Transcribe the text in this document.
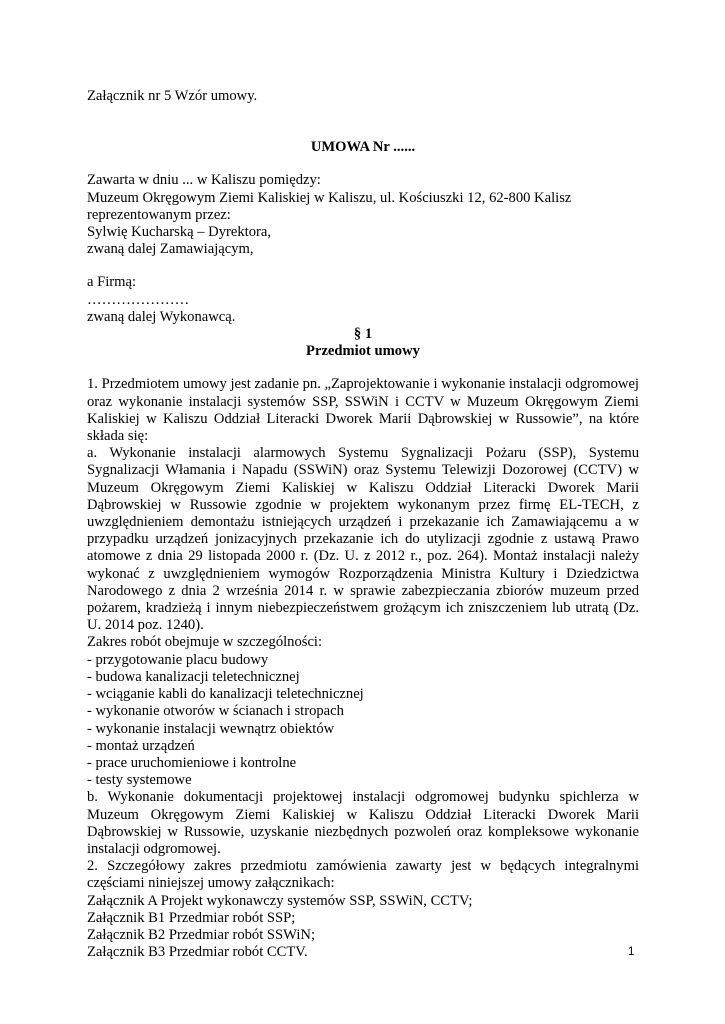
Załącznik nr 5 Wzór umowy.
UMOWA Nr ......
Zawarta w dniu ... w Kaliszu pomiędzy:
Muzeum Okręgowym Ziemi Kaliskiej w Kaliszu, ul. Kościuszki 12, 62-800 Kalisz
reprezentowanym przez:
Sylwię Kucharską – Dyrektora,
zwaną dalej Zamawiającym,
a Firmą:
…………………
zwaną dalej Wykonawcą.
§ 1
Przedmiot umowy
1. Przedmiotem umowy jest zadanie pn. „Zaprojektowanie i wykonanie instalacji odgromowej oraz wykonanie instalacji systemów SSP, SSWiN i CCTV w Muzeum Okręgowym Ziemi Kaliskiej w Kaliszu Oddział Literacki Dworek Marii Dąbrowskiej w Russowie”, na które składa się:
a. Wykonanie instalacji alarmowych Systemu Sygnalizacji Pożaru (SSP), Systemu Sygnalizacji Włamania i Napadu (SSWiN) oraz Systemu Telewizji Dozorowej (CCTV) w Muzeum Okręgowym Ziemi Kaliskiej w Kaliszu Oddział Literacki Dworek Marii Dąbrowskiej w Russowie zgodnie w projektem wykonanym przez firmę EL-TECH, z uwzględnieniem demontażu istniejących urządzeń i przekazanie ich Zamawiającemu a w przypadku urządzeń jonizacyjnych przekazanie ich do utylizacji zgodnie z ustawą Prawo atomowe z dnia 29 listopada 2000 r. (Dz. U. z 2012 r., poz. 264). Montaż instalacji należy wykonać z uwzględnieniem wymogów Rozporządzenia Ministra Kultury i Dziedzictwa Narodowego z dnia 2 września 2014 r. w sprawie zabezpieczania zbiorów muzeum przed pożarem, kradzieżą i innym niebezpieczeństwem grożącym ich zniszczeniem lub utratą (Dz. U. 2014 poz. 1240).
Zakres robót obejmuje w szczególności:
- przygotowanie placu budowy
- budowa kanalizacji teletechnicznej
- wciąganie kabli do kanalizacji teletechnicznej
- wykonanie otworów w ścianach i stropach
- wykonanie instalacji wewnątrz obiektów
- montaż urządzeń
- prace uruchomieniowe i kontrolne
- testy systemowe
b. Wykonanie dokumentacji projektowej instalacji odgromowej budynku spichlerza w Muzeum Okręgowym Ziemi Kaliskiej w Kaliszu Oddział Literacki Dworek Marii Dąbrowskiej w Russowie, uzyskanie niezbędnych pozwoleń oraz kompleksowe wykonanie instalacji odgromowej.
2. Szczegółowy zakres przedmiotu zamówienia zawarty jest w będących integralnymi częściami niniejszej umowy załącznikach:
Załącznik A Projekt wykonawczy systemów SSP, SSWiN, CCTV;
Załącznik B1 Przedmiar robót SSP;
Załącznik B2 Przedmiar robót SSWiN;
Załącznik B3 Przedmiar robót CCTV.	1
